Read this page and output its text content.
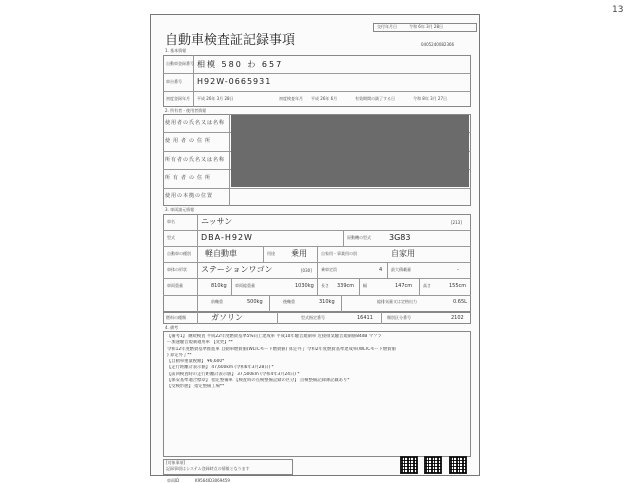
交付年月日	令和 6年 3月 28日
自動車検査証記録事項	0405240082366
1. 基本情報
自動車登録番号 相模 580 わ 657
車台番号 H92W-0665931
初度登録年月 平成 26年 3月 28日	初度検査年月 平成 26年 6月	有効期間の満了する日	令和 8年 3月 27日
2. 所有者・使用者情報
使用者の氏名又は名称
使用者の住所
所有者の氏名又は名称
所有者の住所
使用の本拠の位置
3. 車両諸元情報
車名	ニッサン	[213]
型式	DBA-H92W	原動機の型式 3G83
自動車の種別 軽自動車	用途 乗用	自家用・事業用の別	自家用
車体の形状 ステーションワゴン	[030] 乗車定員	4 最大積載量	-
車両重量	810kg 車両総重量	1030kg 長さ 339cm 幅	147cm	高さ	155cm
前軸重	500kg	後軸重	310kg	総排気量又は定格出力	0.65L
燃料の種類	ガソリン	型式指定番号	16411	類別区分番号	2102
4. 備考
【備考1】 継続検査 平成22年度燃費基準5%向上達成車 平成10年騒音規制車 近接排気騒音規制値84dB マフラ
ー加速騒音規制適用車 【変更】**
令和12年度燃費基準推進車 自動車燃費値(WLTCモード燃費値) 算定外了 令和2年度燃費基準達成率(WLTCモード燃費値
) 算定外了**
【自動車重量税額】 ¥6,600*
【走行距離計表示値】 47,600km (令和6年3月28日) *
【前回検査時の走行距離計表示値】 37,500km (令和4年3月24日) *
【保安基準適合標章】 指定整備車 【検査時の点検整備記録の区分】 点検整備記録簿記載あり*
【受検形態】 指定整備工場**
[対象事項]
記録事項はシステム登録時点の情報となります
車両ID	K9564ID3069459
13
